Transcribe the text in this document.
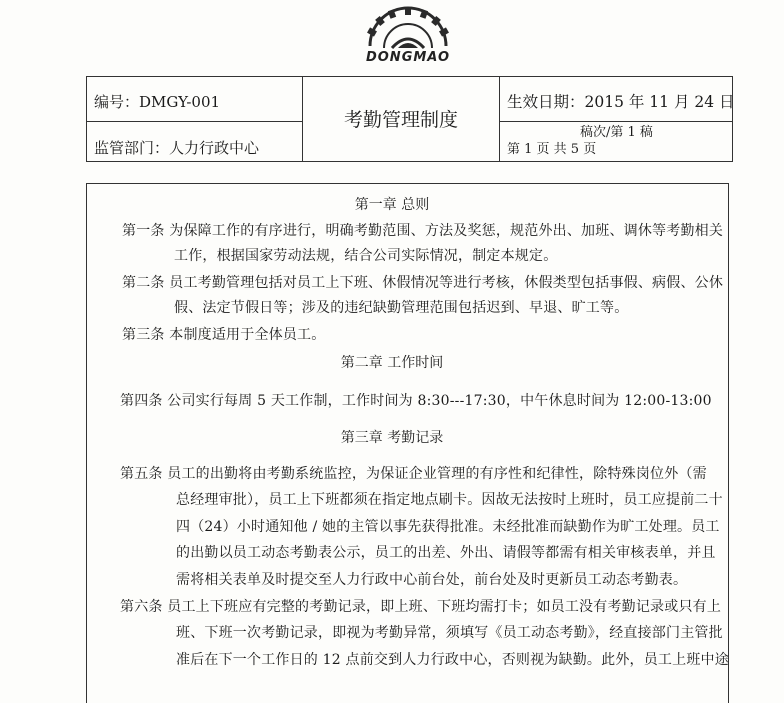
DONGMAO
编号：DMGY-001
监管部门：人力行政中心
考勤管理制度
生效日期：2015 年 11 月 24 日
稿次/第 1 稿
第 1 页 共 5 页
第一章 总则
第一条 为保障工作的有序进行，明确考勤范围、方法及奖惩，规范外出、加班、调休等考勤相关
工作，根据国家劳动法规，结合公司实际情况，制定本规定。
第二条 员工考勤管理包括对员工上下班、休假情况等进行考核，休假类型包括事假、病假、公休
假、法定节假日等；涉及的违纪缺勤管理范围包括迟到、早退、旷工等。
第三条 本制度适用于全体员工。
第二章 工作时间
第四条 公司实行每周 5 天工作制，工作时间为 8:30---17:30，中午休息时间为 12:00-13:00
第三章 考勤记录
第五条 员工的出勤将由考勤系统监控，为保证企业管理的有序性和纪律性，除特殊岗位外（需
总经理审批），员工上下班都须在指定地点刷卡。因故无法按时上班时，员工应提前二十
四（24）小时通知他 / 她的主管以事先获得批准。未经批准而缺勤作为旷工处理。员工
的出勤以员工动态考勤表公示，员工的出差、外出、请假等都需有相关审核表单，并且
需将相关表单及时提交至人力行政中心前台处，前台处及时更新员工动态考勤表。
第六条 员工上下班应有完整的考勤记录，即上班、下班均需打卡；如员工没有考勤记录或只有上
班、下班一次考勤记录，即视为考勤异常，须填写《员工动态考勤》，经直接部门主管批
准后在下一个工作日的 12 点前交到人力行政中心，否则视为缺勤。此外，员工上班中途
